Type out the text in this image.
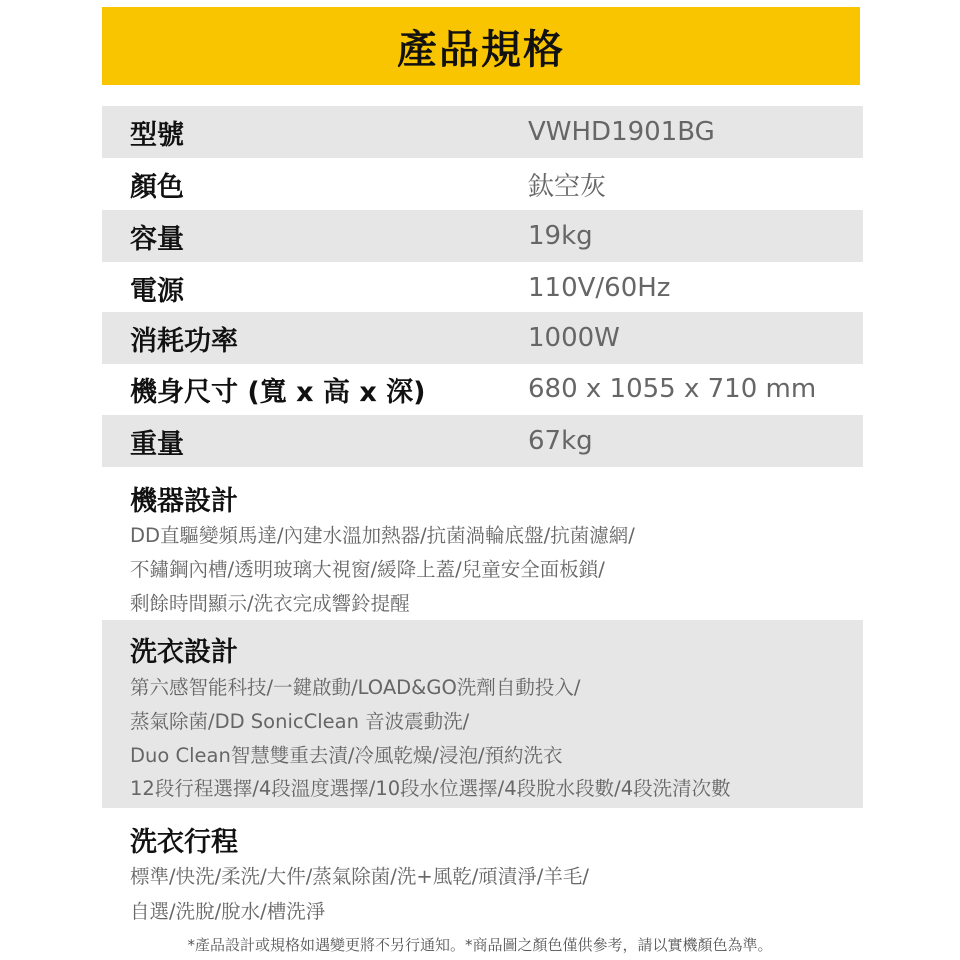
產品規格
型號	VWHD1901BG
顏色	鈦空灰
容量	19kg
電源	110V/60Hz
消耗功率	1000W
機身尺寸 (寬 x 高 x 深)	680 x 1055 x 710 mm
重量	67kg
機器設計
DD直驅變頻馬達/內建水溫加熱器/抗菌渦輪底盤/抗菌濾網/
不鏽鋼內槽/透明玻璃大視窗/緩降上蓋/兒童安全面板鎖/
剩餘時間顯示/洗衣完成響鈴提醒
洗衣設計
第六感智能科技/一鍵啟動/LOAD&GO洗劑自動投入/
蒸氣除菌/DD SonicClean 音波震動洗/
Duo Clean智慧雙重去漬/冷風乾燥/浸泡/預約洗衣
12段行程選擇/4段溫度選擇/10段水位選擇/4段脫水段數/4段洗清次數
洗衣行程
標準/快洗/柔洗/大件/蒸氣除菌/洗+風乾/頑漬淨/羊毛/
自選/洗脫/脫水/槽洗淨
*產品設計或規格如遇變更將不另行通知。*商品圖之顏色僅供參考，請以實機顏色為準。
